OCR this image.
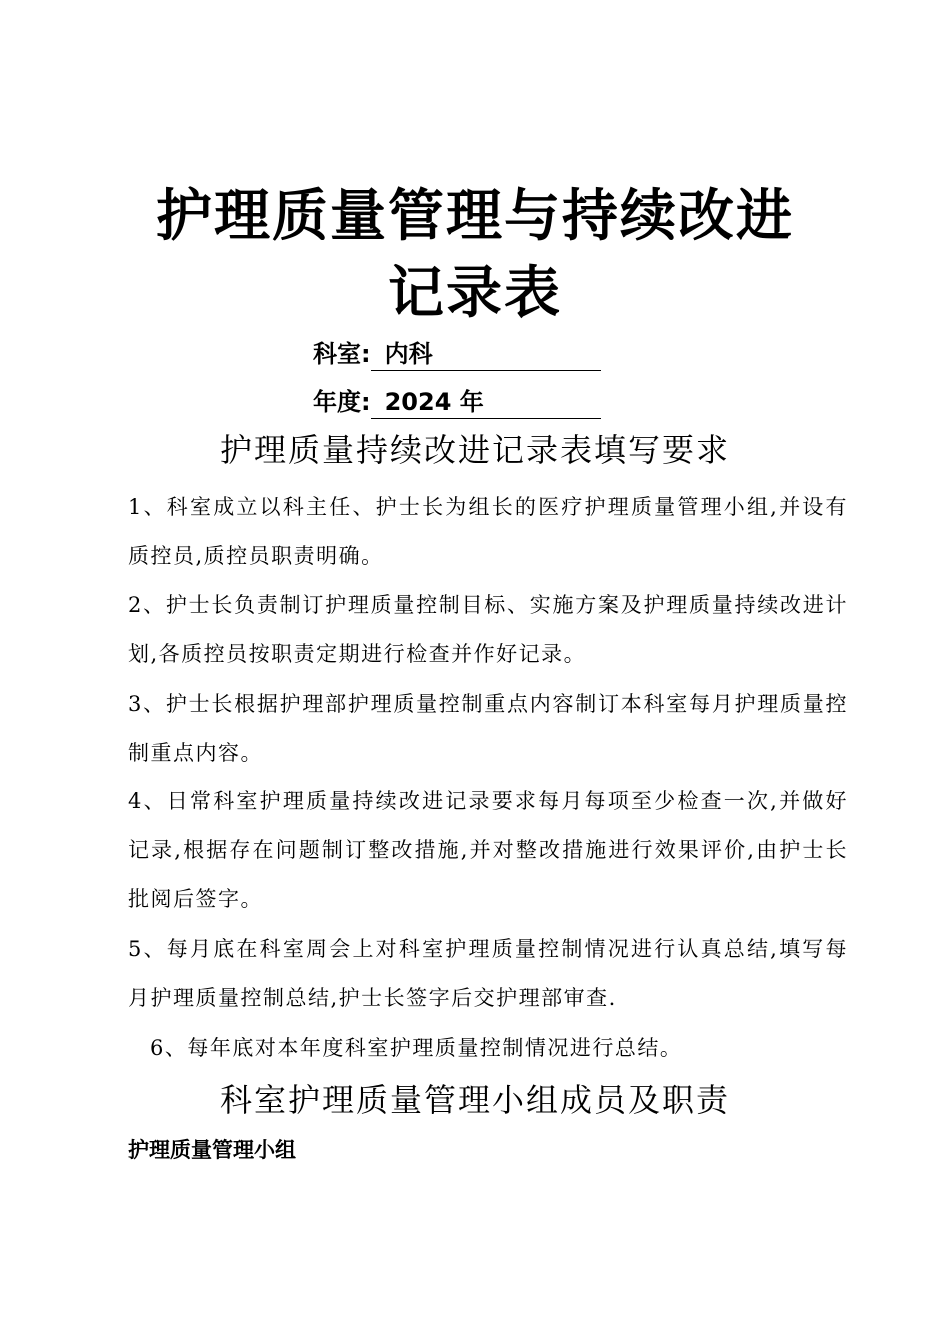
护理质量管理与持续改进
记录表
科室: 内科
年度: 2024 年
护理质量持续改进记录表填写要求
1、科室成立以科主任、护士长为组长的医疗护理质量管理小组,并设有质控员,质控员职责明确。
2、护士长负责制订护理质量控制目标、实施方案及护理质量持续改进计划,各质控员按职责定期进行检查并作好记录。
3、护士长根据护理部护理质量控制重点内容制订本科室每月护理质量控制重点内容。
4、日常科室护理质量持续改进记录要求每月每项至少检查一次,并做好记录,根据存在问题制订整改措施,并对整改措施进行效果评价,由护士长批阅后签字。
5、每月底在科室周会上对科室护理质量控制情况进行认真总结,填写每月护理质量控制总结,护士长签字后交护理部审查.
6、每年底对本年度科室护理质量控制情况进行总结。
科室护理质量管理小组成员及职责
护理质量管理小组
